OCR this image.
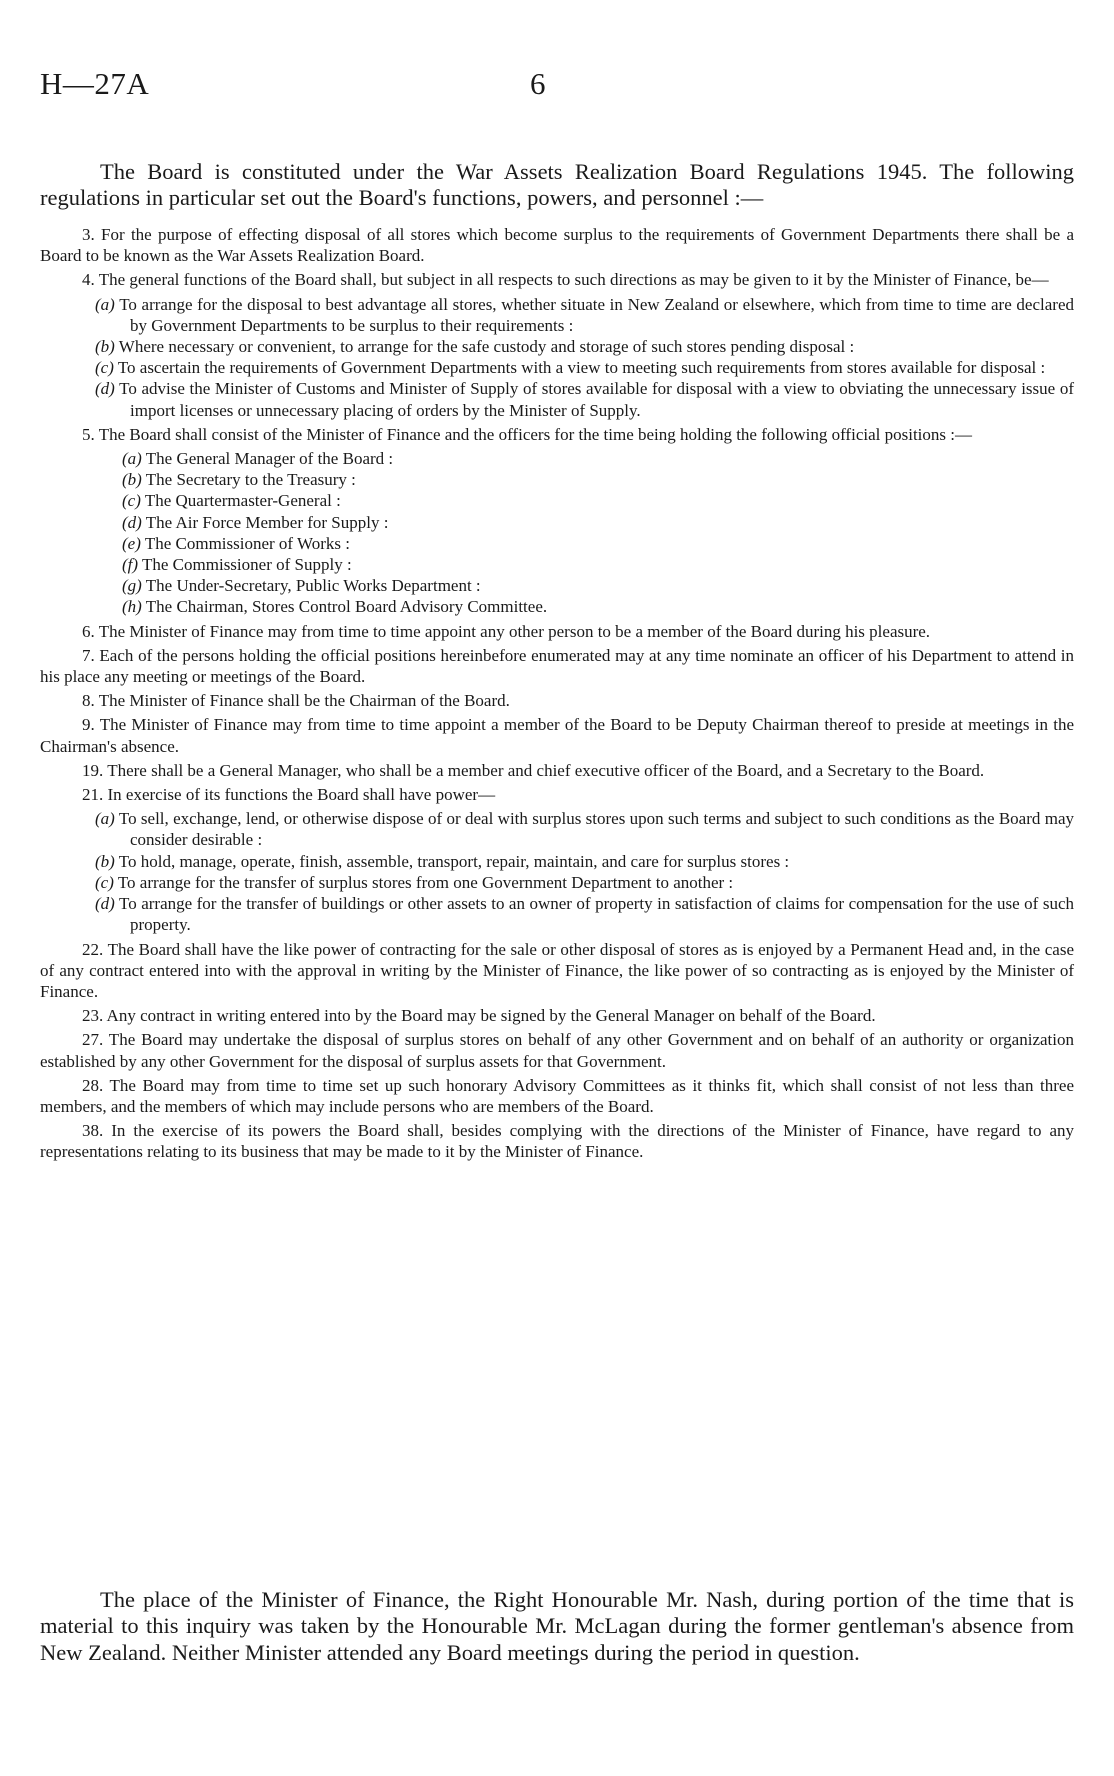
H—27A	6

The Board is constituted under the War Assets Realization Board Regulations 1945. The following regulations in particular set out the Board's functions, powers, and personnel :—

3. For the purpose of effecting disposal of all stores which become surplus to the requirements of Government Departments there shall be a Board to be known as the War Assets Realization Board.

4. The general functions of the Board shall, but subject in all respects to such directions as may be given to it by the Minister of Finance, be—

(a) To arrange for the disposal to best advantage all stores, whether situate in New Zealand or elsewhere, which from time to time are declared by Government Departments to be surplus to their requirements :

(b) Where necessary or convenient, to arrange for the safe custody and storage of such stores pending disposal :

(c) To ascertain the requirements of Government Departments with a view to meeting such requirements from stores available for disposal :

(d) To advise the Minister of Customs and Minister of Supply of stores available for disposal with a view to obviating the unnecessary issue of import licenses or unnecessary placing of orders by the Minister of Supply.

5. The Board shall consist of the Minister of Finance and the officers for the time being holding the following official positions :—

(a) The General Manager of the Board :

(b) The Secretary to the Treasury :

(c) The Quartermaster-General :

(d) The Air Force Member for Supply :

(e) The Commissioner of Works :

(f) The Commissioner of Supply :

(g) The Under-Secretary, Public Works Department :

(h) The Chairman, Stores Control Board Advisory Committee.

6. The Minister of Finance may from time to time appoint any other person to be a member of the Board during his pleasure.

7. Each of the persons holding the official positions hereinbefore enumerated may at any time nominate an officer of his Department to attend in his place any meeting or meetings of the Board.

8. The Minister of Finance shall be the Chairman of the Board.

9. The Minister of Finance may from time to time appoint a member of the Board to be Deputy Chairman thereof to preside at meetings in the Chairman's absence.

19. There shall be a General Manager, who shall be a member and chief executive officer of the Board, and a Secretary to the Board.

21. In exercise of its functions the Board shall have power—

(a) To sell, exchange, lend, or otherwise dispose of or deal with surplus stores upon such terms and subject to such conditions as the Board may consider desirable :

(b) To hold, manage, operate, finish, assemble, transport, repair, maintain, and care for surplus stores :

(c) To arrange for the transfer of surplus stores from one Government Department to another :

(d) To arrange for the transfer of buildings or other assets to an owner of property in satisfaction of claims for compensation for the use of such property.

22. The Board shall have the like power of contracting for the sale or other disposal of stores as is enjoyed by a Permanent Head and, in the case of any contract entered into with the approval in writing by the Minister of Finance, the like power of so contracting as is enjoyed by the Minister of Finance.

23. Any contract in writing entered into by the Board may be signed by the General Manager on behalf of the Board.

27. The Board may undertake the disposal of surplus stores on behalf of any other Government and on behalf of an authority or organization established by any other Government for the disposal of surplus assets for that Government.

28. The Board may from time to time set up such honorary Advisory Committees as it thinks fit, which shall consist of not less than three members, and the members of which may include persons who are members of the Board.

38. In the exercise of its powers the Board shall, besides complying with the directions of the Minister of Finance, have regard to any representations relating to its business that may be made to it by the Minister of Finance.

The place of the Minister of Finance, the Right Honourable Mr. Nash, during portion of the time that is material to this inquiry was taken by the Honourable Mr. McLagan during the former gentleman's absence from New Zealand. Neither Minister attended any Board meetings during the period in question.
